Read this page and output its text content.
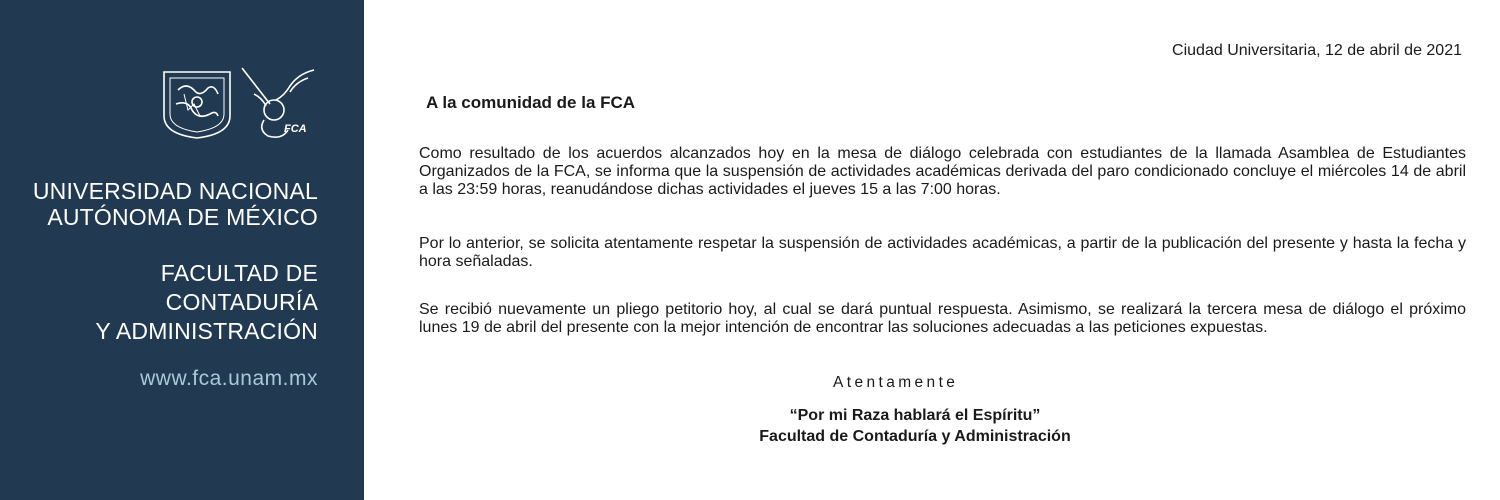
FCA
UNIVERSIDAD NACIONAL
AUTÓNOMA DE MÉXICO
FACULTAD DE
CONTADURÍA
Y ADMINISTRACIÓN
www.fca.unam.mx
Ciudad Universitaria, 12 de abril de 2021
A la comunidad de la FCA
Como resultado de los acuerdos alcanzados hoy en la mesa de diálogo celebrada con estudiantes de la llamada Asamblea de Estudiantes Organizados de la FCA, se informa que la suspensión de actividades académicas derivada del paro condicionado concluye el miércoles 14 de abril a las 23:59 horas, reanudándose dichas actividades el jueves 15 a las 7:00 horas.
Por lo anterior, se solicita atentamente respetar la suspensión de actividades académicas, a partir de la publicación del presente y hasta la fecha y hora señaladas.
Se recibió nuevamente un pliego petitorio hoy, al cual se dará puntual respuesta. Asimismo, se realizará la tercera mesa de diálogo el próximo lunes 19 de abril del presente con la mejor intención de encontrar las soluciones adecuadas a las peticiones expuestas.
Atentamente
“Por mi Raza hablará el Espíritu”
Facultad de Contaduría y Administración
